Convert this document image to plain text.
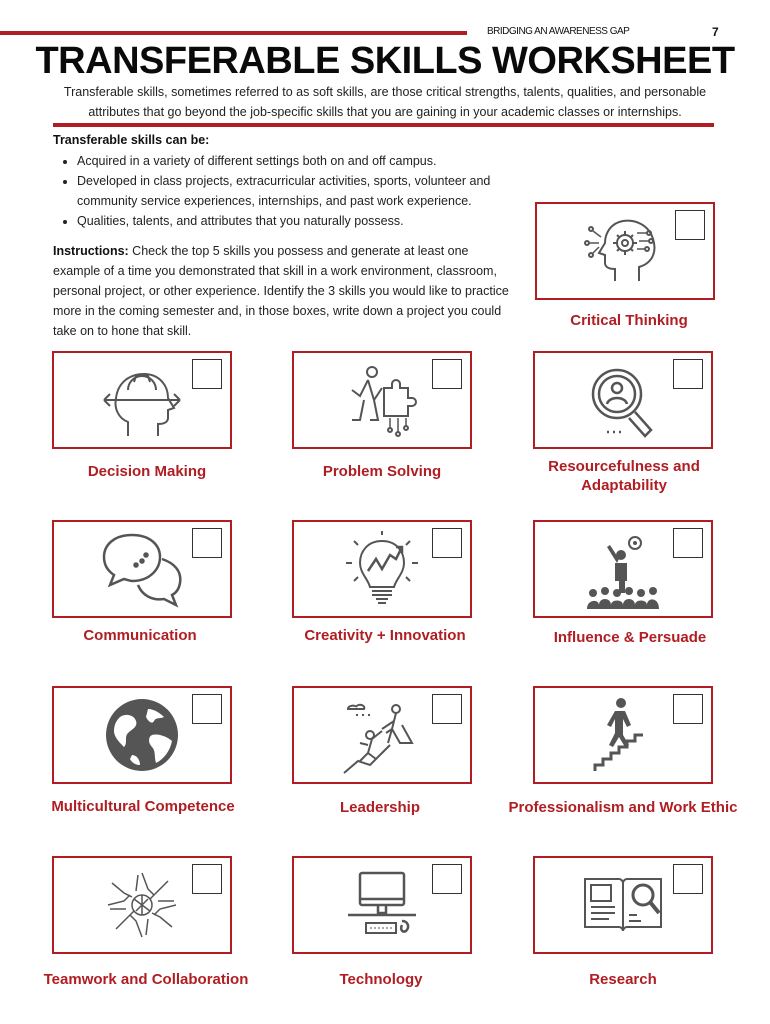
BRIDGING AN AWARENESS GAP	7
TRANSFERABLE SKILLS WORKSHEET
Transferable skills, sometimes referred to as soft skills, are those critical strengths, talents, qualities, and personable attributes that go beyond the job-specific skills that you are gaining in your academic classes or internships.
Transferable skills can be:
• Acquired in a variety of different settings both on and off campus.
• Developed in class projects, extracurricular activities, sports, volunteer and community service experiences, internships, and past work experience.
• Qualities, talents, and attributes that you naturally possess.
Instructions: Check the top 5 skills you possess and generate at least one example of a time you demonstrated that skill in a work environment, classroom, personal project, or other experience. Identify the 3 skills you would like to practice more in the coming semester and, in those boxes, write down a project you could take on to hone that skill.
Critical Thinking
Decision Making	Problem Solving	Resourcefulness and Adaptability
Communication	Creativity + Innovation	Influence & Persuade
Multicultural Competence	Leadership	Professionalism and Work Ethic
Teamwork and Collaboration	Technology	Research
